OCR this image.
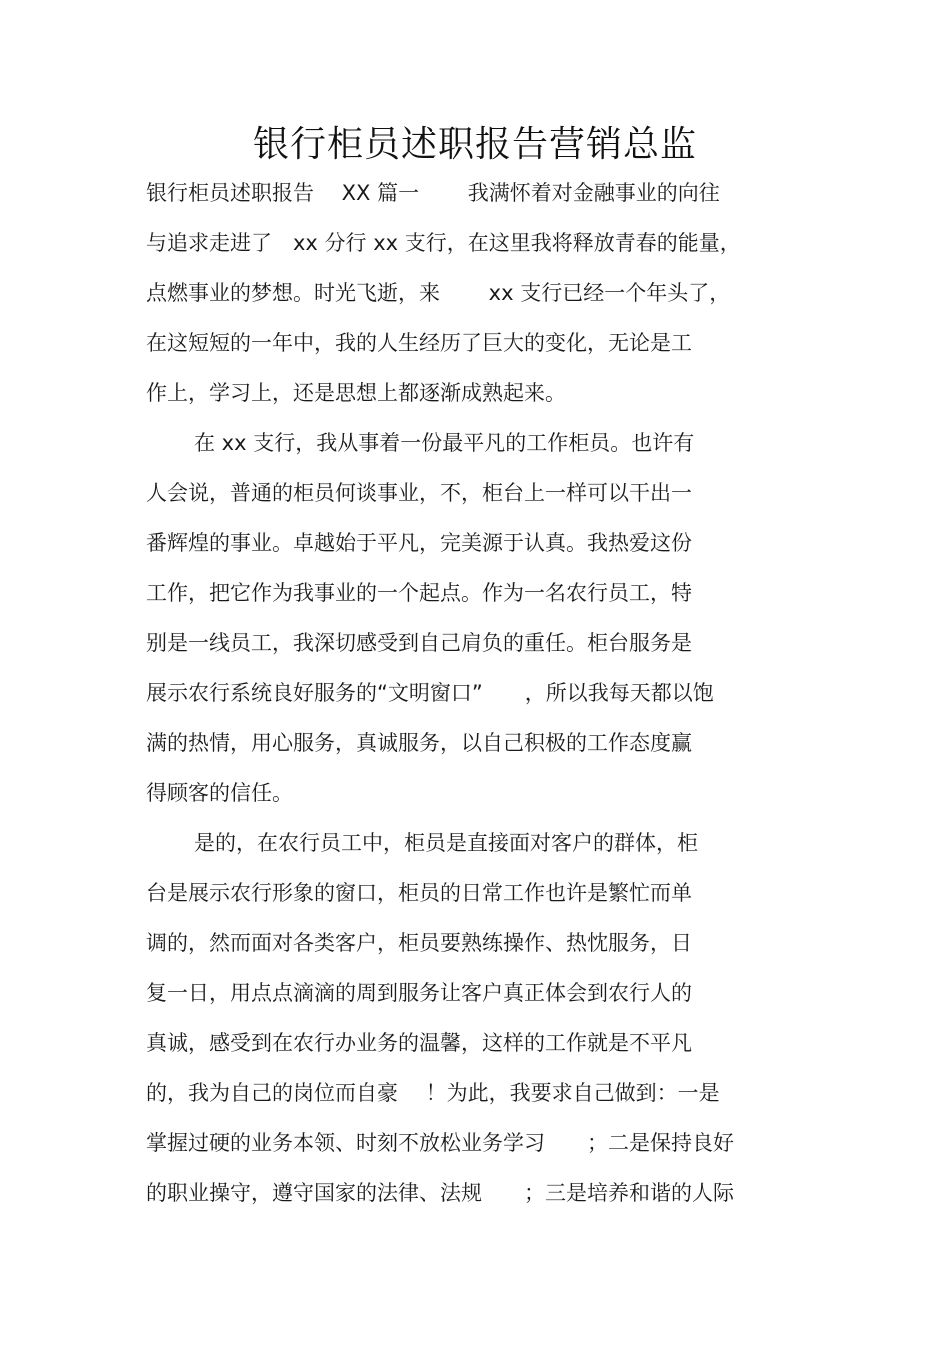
银行柜员述职报告营销总监
银行柜员述职报告　 XX 篇一　　 我满怀着对金融事业的向往
与追求走进了　xx 分行 xx 支行，在这里我将释放青春的能量，
点燃事业的梦想。时光飞逝，来　　 xx 支行已经一个年头了，
在这短短的一年中，我的人生经历了巨大的变化，无论是工
作上，学习上，还是思想上都逐渐成熟起来。
在 xx 支行，我从事着一份最平凡的工作柜员。也许有
人会说，普通的柜员何谈事业，不，柜台上一样可以干出一
番辉煌的事业。卓越始于平凡，完美源于认真。我热爱这份
工作，把它作为我事业的一个起点。作为一名农行员工，特
别是一线员工，我深切感受到自己肩负的重任。柜台服务是
展示农行系统良好服务的“文明窗口”　　，所以我每天都以饱
满的热情，用心服务，真诚服务，以自己积极的工作态度赢
得顾客的信任。
是的，在农行员工中，柜员是直接面对客户的群体，柜
台是展示农行形象的窗口，柜员的日常工作也许是繁忙而单
调的，然而面对各类客户，柜员要熟练操作、热忱服务，日
复一日，用点点滴滴的周到服务让客户真正体会到农行人的
真诚，感受到在农行办业务的温馨，这样的工作就是不平凡
的，我为自己的岗位而自豪　 ！为此，我要求自己做到：一是
掌握过硬的业务本领、时刻不放松业务学习　　；二是保持良好
的职业操守，遵守国家的法律、法规　　；三是培养和谐的人际
